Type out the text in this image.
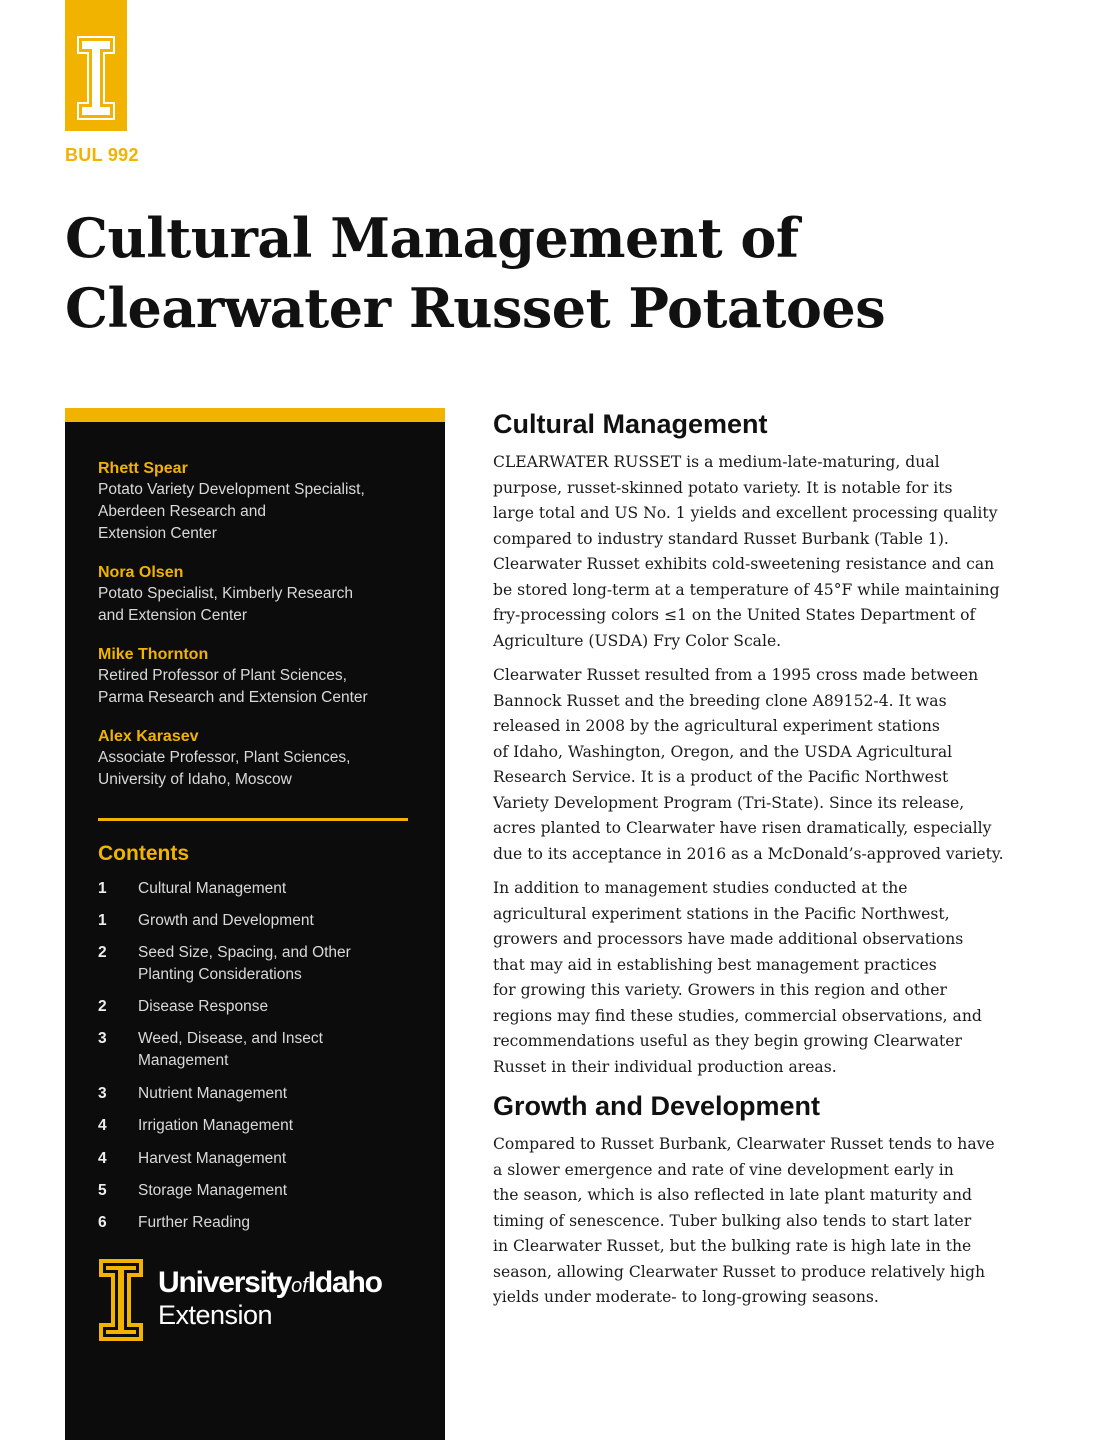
BUL 992
Cultural Management of
Clearwater Russet Potatoes
Rhett Spear
Potato Variety Development Specialist,
Aberdeen Research and
Extension Center
Nora Olsen
Potato Specialist, Kimberly Research
and Extension Center
Mike Thornton
Retired Professor of Plant Sciences,
Parma Research and Extension Center
Alex Karasev
Associate Professor, Plant Sciences,
University of Idaho, Moscow
Contents
1 Cultural Management
1 Growth and Development
2 Seed Size, Spacing, and Other
Planting Considerations
2 Disease Response
3 Weed, Disease, and Insect
Management
3 Nutrient Management
4 Irrigation Management
4 Harvest Management
5 Storage Management
6 Further Reading
UniversityofIdaho
Extension
Cultural Management

CLEARWATER RUSSET is a medium-late-maturing, dual
purpose, russet-skinned potato variety. It is notable for its
large total and US No. 1 yields and excellent processing quality
compared to industry standard Russet Burbank (Table 1).
Clearwater Russet exhibits cold-sweetening resistance and can
be stored long-term at a temperature of 45°F while maintaining
fry-processing colors ≤1 on the United States Department of
Agriculture (USDA) Fry Color Scale.

Clearwater Russet resulted from a 1995 cross made between
Bannock Russet and the breeding clone A89152-4. It was
released in 2008 by the agricultural experiment stations
of Idaho, Washington, Oregon, and the USDA Agricultural
Research Service. It is a product of the Pacific Northwest
Variety Development Program (Tri-State). Since its release,
acres planted to Clearwater have risen dramatically, especially
due to its acceptance in 2016 as a McDonald’s-approved variety.

In addition to management studies conducted at the
agricultural experiment stations in the Pacific Northwest,
growers and processors have made additional observations
that may aid in establishing best management practices
for growing this variety. Growers in this region and other
regions may find these studies, commercial observations, and
recommendations useful as they begin growing Clearwater
Russet in their individual production areas.

Growth and Development

Compared to Russet Burbank, Clearwater Russet tends to have
a slower emergence and rate of vine development early in
the season, which is also reflected in late plant maturity and
timing of senescence. Tuber bulking also tends to start later
in Clearwater Russet, but the bulking rate is high late in the
season, allowing Clearwater Russet to produce relatively high
yields under moderate- to long-growing seasons.
